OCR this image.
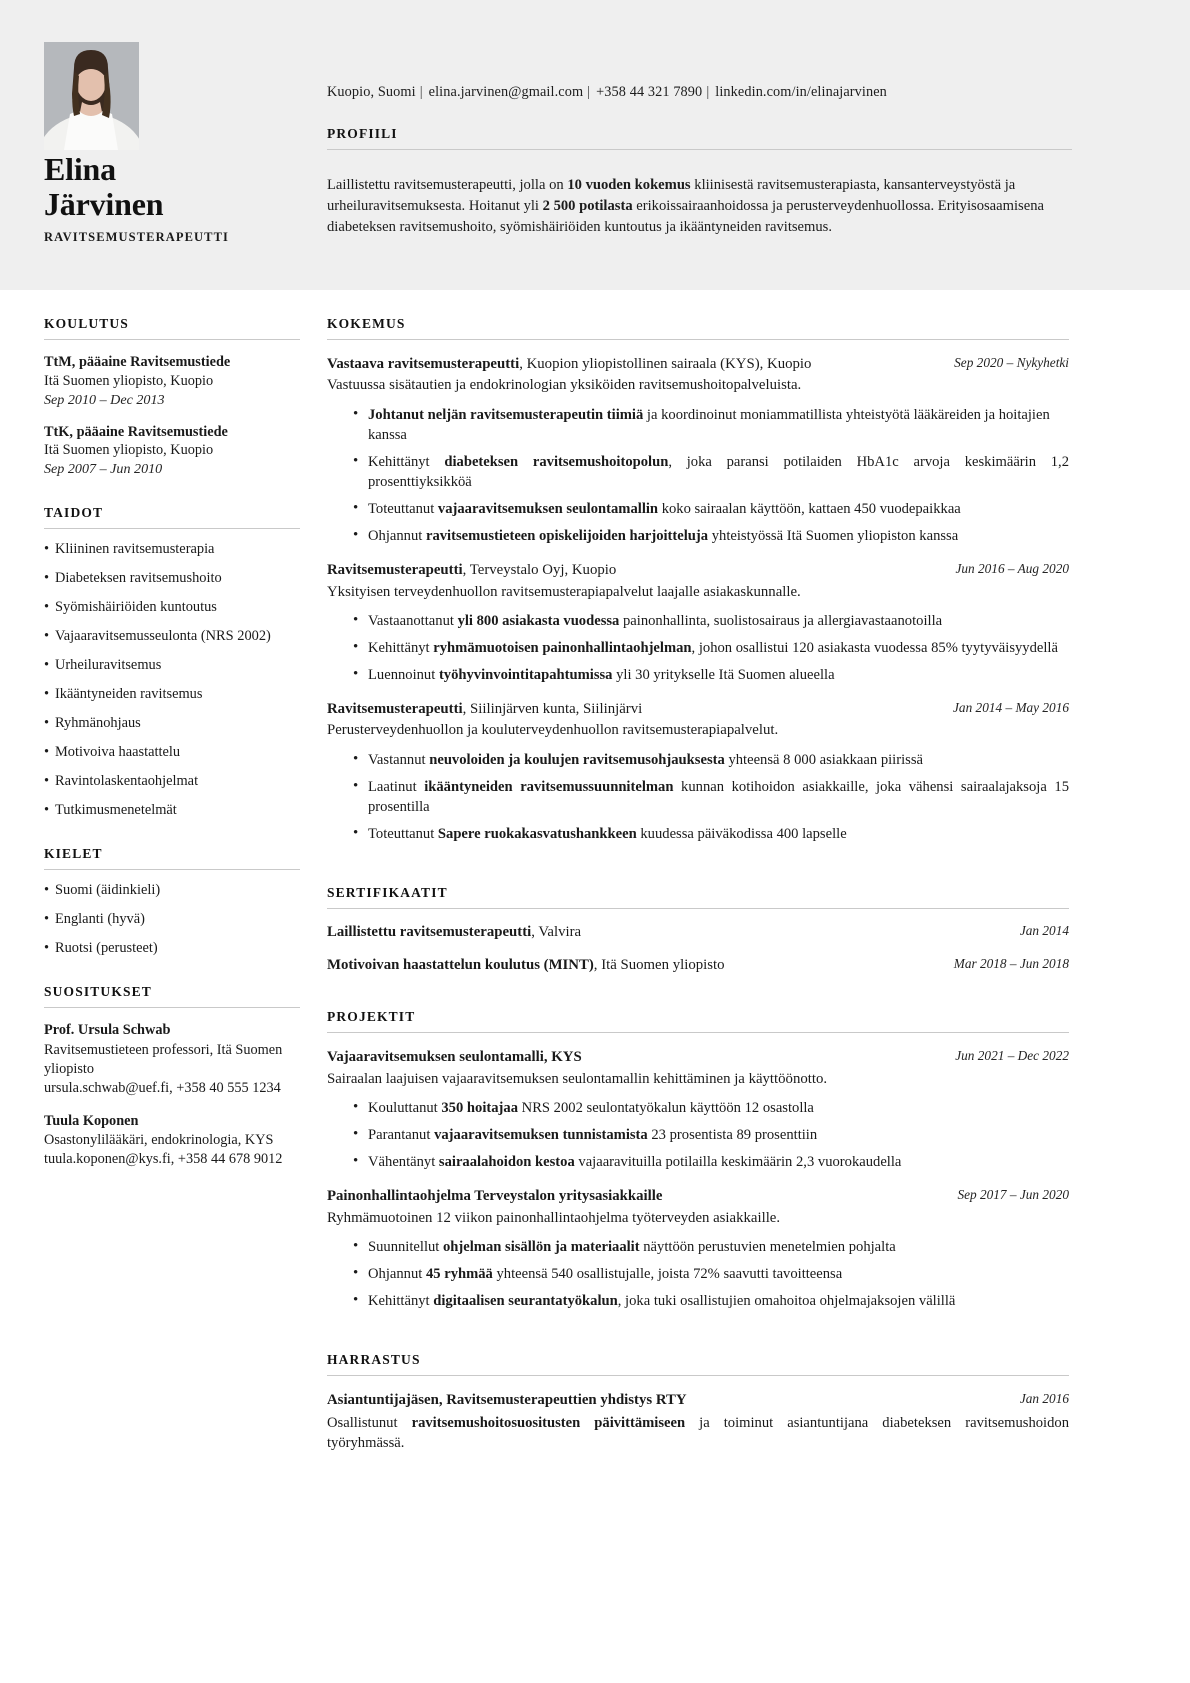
Elina
Järvinen
RAVITSEMUSTERAPEUTTI
Kuopio, Suomi | elina.jarvinen@gmail.com | +358 44 321 7890 | linkedin.com/in/elinajarvinen
PROFIILI
Laillistettu ravitsemusterapeutti, jolla on 10 vuoden kokemus kliinisestä ravitsemusterapiasta, kansanterveystyöstä ja urheiluravitsemuksesta. Hoitanut yli 2 500 potilasta erikoissairaanhoidossa ja perusterveydenhuollossa. Erityisosaamisena diabeteksen ravitsemushoito, syömishäiriöiden kuntoutus ja ikääntyneiden ravitsemus.
KOULUTUS
TtM, pääaine Ravitsemustiede
Itä Suomen yliopisto, Kuopio
Sep 2010 – Dec 2013
TtK, pääaine Ravitsemustiede
Itä Suomen yliopisto, Kuopio
Sep 2007 – Jun 2010
TAIDOT
• Kliininen ravitsemusterapia
• Diabeteksen ravitsemushoito
• Syömishäiriöiden kuntoutus
• Vajaaravitsemusseulonta (NRS 2002)
• Urheiluravitsemus
• Ikääntyneiden ravitsemus
• Ryhmänohjaus
• Motivoiva haastattelu
• Ravintolaskentaohjelmat
• Tutkimusmenetelmät
KIELET
• Suomi (äidinkieli)
• Englanti (hyvä)
• Ruotsi (perusteet)
SUOSITUKSET
Prof. Ursula Schwab
Ravitsemustieteen professori, Itä Suomen yliopisto
ursula.schwab@uef.fi, +358 40 555 1234
Tuula Koponen
Osastonylilääkäri, endokrinologia, KYS
tuula.koponen@kys.fi, +358 44 678 9012
KOKEMUS
Vastaava ravitsemusterapeutti, Kuopion yliopistollinen sairaala (KYS), Kuopio	Sep 2020 – Nykyhetki
Vastuussa sisätautien ja endokrinologian yksiköiden ravitsemushoitopalveluista.
• Johtanut neljän ravitsemusterapeutin tiimiä ja koordinoinut moniammatillista yhteistyötä lääkäreiden ja hoitajien kanssa
• Kehittänyt diabeteksen ravitsemushoitopolun, joka paransi potilaiden HbA1c arvoja keskimäärin 1,2 prosenttiyksikköä
• Toteuttanut vajaaravitsemuksen seulontamallin koko sairaalan käyttöön, kattaen 450 vuodepaikkaa
• Ohjannut ravitsemustieteen opiskelijoiden harjoitteluja yhteistyössä Itä Suomen yliopiston kanssa
Ravitsemusterapeutti, Terveystalo Oyj, Kuopio	Jun 2016 – Aug 2020
Yksityisen terveydenhuollon ravitsemusterapiapalvelut laajalle asiakaskunnalle.
• Vastaanottanut yli 800 asiakasta vuodessa painonhallinta, suolistosairaus ja allergiavastaanotoilla
• Kehittänyt ryhmämuotoisen painonhallintaohjelman, johon osallistui 120 asiakasta vuodessa 85% tyytyväisyydellä
• Luennoinut työhyvinvointitapahtumissa yli 30 yritykselle Itä Suomen alueella
Ravitsemusterapeutti, Siilinjärven kunta, Siilinjärvi	Jan 2014 – May 2016
Perusterveydenhuollon ja kouluterveydenhuollon ravitsemusterapiapalvelut.
• Vastannut neuvoloiden ja koulujen ravitsemusohjauksesta yhteensä 8 000 asiakkaan piirissä
• Laatinut ikääntyneiden ravitsemussuunnitelman kunnan kotihoidon asiakkaille, joka vähensi sairaalajaksoja 15 prosentilla
• Toteuttanut Sapere ruokakasvatushankkeen kuudessa päiväkodissa 400 lapselle
SERTIFIKAATIT
Laillistettu ravitsemusterapeutti, Valvira	Jan 2014
Motivoivan haastattelun koulutus (MINT), Itä Suomen yliopisto	Mar 2018 – Jun 2018
PROJEKTIT
Vajaaravitsemuksen seulontamalli, KYS	Jun 2021 – Dec 2022
Sairaalan laajuisen vajaaravitsemuksen seulontamallin kehittäminen ja käyttöönotto.
• Kouluttanut 350 hoitajaa NRS 2002 seulontatyökalun käyttöön 12 osastolla
• Parantanut vajaaravitsemuksen tunnistamista 23 prosentista 89 prosenttiin
• Vähentänyt sairaalahoidon kestoa vajaaravituilla potilailla keskimäärin 2,3 vuorokaudella
Painonhallintaohjelma Terveystalon yritysasiakkaille	Sep 2017 – Jun 2020
Ryhmämuotoinen 12 viikon painonhallintaohjelma työterveyden asiakkaille.
• Suunnitellut ohjelman sisällön ja materiaalit näyttöön perustuvien menetelmien pohjalta
• Ohjannut 45 ryhmää yhteensä 540 osallistujalle, joista 72% saavutti tavoitteensa
• Kehittänyt digitaalisen seurantatyökalun, joka tuki osallistujien omahoitoa ohjelmajaksojen välillä
HARRASTUS
Asiantuntijajäsen, Ravitsemusterapeuttien yhdistys RTY	Jan 2016
Osallistunut ravitsemushoitosuositusten päivittämiseen ja toiminut asiantuntijana diabeteksen ravitsemushoidon työryhmässä.
